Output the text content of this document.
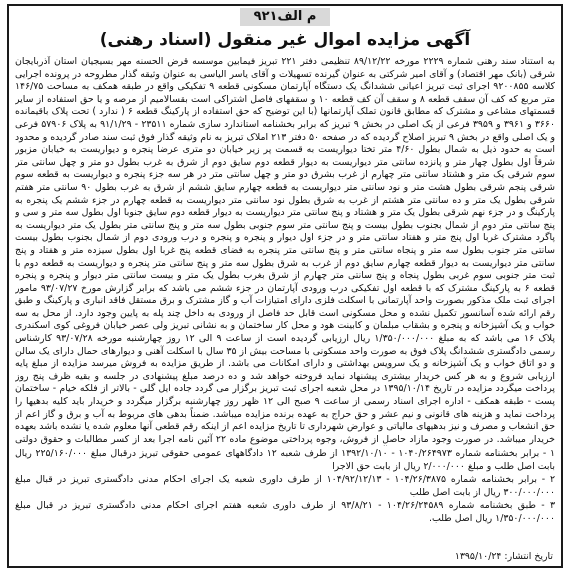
م الف۹۲۱
آگهی مزایده اموال غیر منقول (اسناد رهنی)
به استناد سند رهنی شماره ۲۲۲۹ مورخه ۸۹/۱۲/۲۲ تنظیمی دفتر ۲۲۱ تبریز فیمابین موسسه قرض الحسنه مهر بسیجیان استان آذربایجان شرقی (بانک مهر اقتصاد) و آقای امیر شرکتی به عنوان گیرنده تسهیلات و آقای یاسر الیاسی به عنوان وثیقه گذار مطروحه در پرونده اجرایی کلاسه ۹۲۰۰۸۵۵ اجرای ثبت تبریز اعیانی ششدانگ یک دستگاه آپارتمان مسکونی قطعه ۹ تفکیکی واقع در طبقه همکف به مساحت ۱۴۶/۷۵ متر مربع که کف آن سقف قطعه ۸ و سقف آن کف قطعه ۱۰ و سقفهای فاصل اشتراکی است بقسالامیم از مرصه و یا حق استفاده از سایر قسمتهای مشاعی و مشترک که مطابق قانون تملک آپارتمانها (با این توضیح که حق استفاده از پارکینگ قطعه ۶ ( ندارد ) تحت پلاک باقیمانده ۳۶۶۰ و ۳۹۶۱ و ۳۹۵۹ فرعی از یک اصلی در بخش ۹ تبریز که برابر بخشنامه استاندارد سازی شماره ۲۳۵۱۱ - ۹۱/۱/۲۹ به پلاک ۵۷۹۰۶ فرعی و یک اصلی واقع در بخش ۹ تبریز اصلاح گردیده که در صفحه ۵۰ دفتر ۲۱۳ املاک تبریز به نام وثیقه گذار فوق ثبت سند صادر گردیده و محدود است به حدود ذیل به شمال بطول ۴/۶۰ متر تختا دیواریست به قسمت پر زیر خیابان دو متری عرضا پنجره و دیواریست به خیابان مزبور شرقاً اول بطول چهار متر و پانزده سانتی متر دیواریست به دیوار قطعه دوم سایق دوم از شرق به غرب بطول دو متر و چهل سانتی متر سوم شرقی یک متر و هشتاد سانتی متر چهارم از غرب بشرق دو متر و چهل سانتی متر در هر سه جزء پنجره و دیواریست به قطعه سوم شرقی پنجم شرقی بطول هشت متر و نود سانتی متر دیواریست به قطعه چهارم سایق ششم از شرق به غرب بطول ۹۰ سانتی متر هفتم شرقی بطول یک متر و ده سانتی متر هشتم از غرب به شرق بطول نود سانتی متر دیواریست به قطعه چهارم در جزء ششم یک پنجره به پارکینگ و در جزء نهم شرقی بطول یک متر و هشتاد و پنج سانتی متر دیواریست به دیوار قطعه دوم سایق جنوبا اول بطول سه متر و سی و پنج سانتی متر دوم از شمال بجنوب بطول بیست و پنج سانتی متر سوم جنوبی بطول سه متر و پنج سانتی متر بطول یک متر دیواریست به پاگرد مشترک غربا اول پنج متر و هفتاد سانتی متر و در جزء اول دیوار و پنجره و پنجره و درب ورودی دوم از شمال بجنوب بطول بیست سانتی متر جنوب بطول سه متر و پنجاه سانتی متر و پنج سانتی متر پنجره به فضای قطعه پنج غربا اول بطول سیزده متر و هفتاد و پنج سانتی متر دیواریست به دیوار قطعه چهارم سایق دوم از غرب به شرق بطول سه متر و پنج سانتی متر پنجره و دیواریست به قطعه دوم با ثبت متر جنوبی سوم غربی بطول پنجاه و پنج سانتی متر چهارم از شرق بغرب بطول یک متر و بیست سانتی متر دیوار و پنجره و پنجره قطعه ۶ به پارکینگ مشترک که با قطعه اول تفکیکی درب ورودی آپارتمان در جزء ششم می باشد که برابر گزارش مورخ ۹۳/۰۷/۲۷ مامور اجرای ثبت ملک مذکور بصورت واحد آپارتمانی با اسکلت فلزی دارای امتیازات آب و گاز مشترک و برق مستقل فاقد انباری و پارکینگ و طبق رقم ارائه شده آسانسور تکمیل نشده و محل مسکونی است قابل حد فاصل از ورودی به داخل چند پله به پایین وجود دارد. از محل به سه خواب و یک آشپزخانه و پنجره و بشقاب مبلمان و کابینت هود و محل کار ساختمان و به نشانی تبریز ولی عصر خیابان فروغی کوی اسکندری پلاک ۱۶ می باشد که به مبلغ ۱/۳۵۰/۰۰۰/۰۰۰ ریال ارزیابی گردیده است از ساعت ۹ الی ۱۲ روز چهارشنبه مورخه ۹۳/۰۷/۲۸ کارشناس رسمی دادگستری ششدانگ پلاک فوق به صورت واحد مسکونی با مساحت بیش از ۳۵ سال با اسکلت آهنی و دیوارهای حمال دارای یک سالن و دو اتاق خواب و یک آشپزخانه و یک سرویس بهداشتی و دارای امکانات می باشد. از طریق مزایده به فروش میرسد مزایده از مبلغ پایه ارزیابی شروع و به هر کس خریدار بیشتری پیشنهاد نماید فروخته خواهد شد و ده درصد مبلغ پیشنهادی در جلسه و بقیه ظرف پنج روز پرداخت میگردد مزایده در تاریخ ۱۳۹۵/۱۰/۱۴ در محل شعبه اجرای ثبت تبریز برگزار می گردد جاده ایل گلی - بالاتر از فلکه خیام - ساختمان پست - طبقه همکف - اداره اجرای اسناد رسمی از ساعت ۹ صبح الی ۱۲ ظهر روز چهارشنبه برگزار میگردد و خریدار باید کلیه بدهیها را پرداخت نماید و هزینه های قانونی و نیم عشر و حق حراج به عهده برنده مزایده میباشد. ضمناً بدهی های مربوط به آب و برق و گاز اعم از حق انشعاب و مصرف و نیز بدهیهای مالیاتی و عوارض شهرداری تا تاریخ مزایده اعم از اینکه رقم قطعی آنها معلوم شده یا نشده باشد بعهده خریدار میباشد. در صورت وجود مازاد حاصل از فروش، وجوه پرداختی موضوع ماده ۲۲ آئین نامه اجرا بعد از کسر مطالبات و حقوق دولتی
۱ - برابر بخشنامه شماره ۱۰۴۰/۲۶۴۹۷۳ - ۱۳۹۲/۱۰/۱۰ از طرف شعبه ۱۲ دادگاههای عمومی حقوقی تبریز درقبال مبلغ ۲۲۵/۱۶۰/۰۰۰ ریال بابت اصل طلب و مبلغ ۲/۰۰۰/۰۰۰ ریال از بابت حق الاجرا
۲ - برابر بخشنامه شماره ۱۰۴/۲۶/۳۸۷۵ - ۱۰۴/۹۲/۱۲/۱۳ از طرف داوری شعبه یک اجرای احکام مدنی دادگستری تبریز در قبال مبلغ ۳۰۰/۰۰۰/۰۰۰ ریال از بابت اصل طلب
۳ - طبق بخشنامه شماره ۱۰۴/۲۶/۲۴۵۸۹ - ۹۳/۸/۲۱ از طرف داوری شعبه هفتم اجرای احکام مدنی دادگستری تبریز در قبال مبلغ ۱/۳۵۰/۰۰۰/۰۰۰ ریال اصل طلب.
تاریخ انتشار: ۱۳۹۵/۱۰/۲۴
